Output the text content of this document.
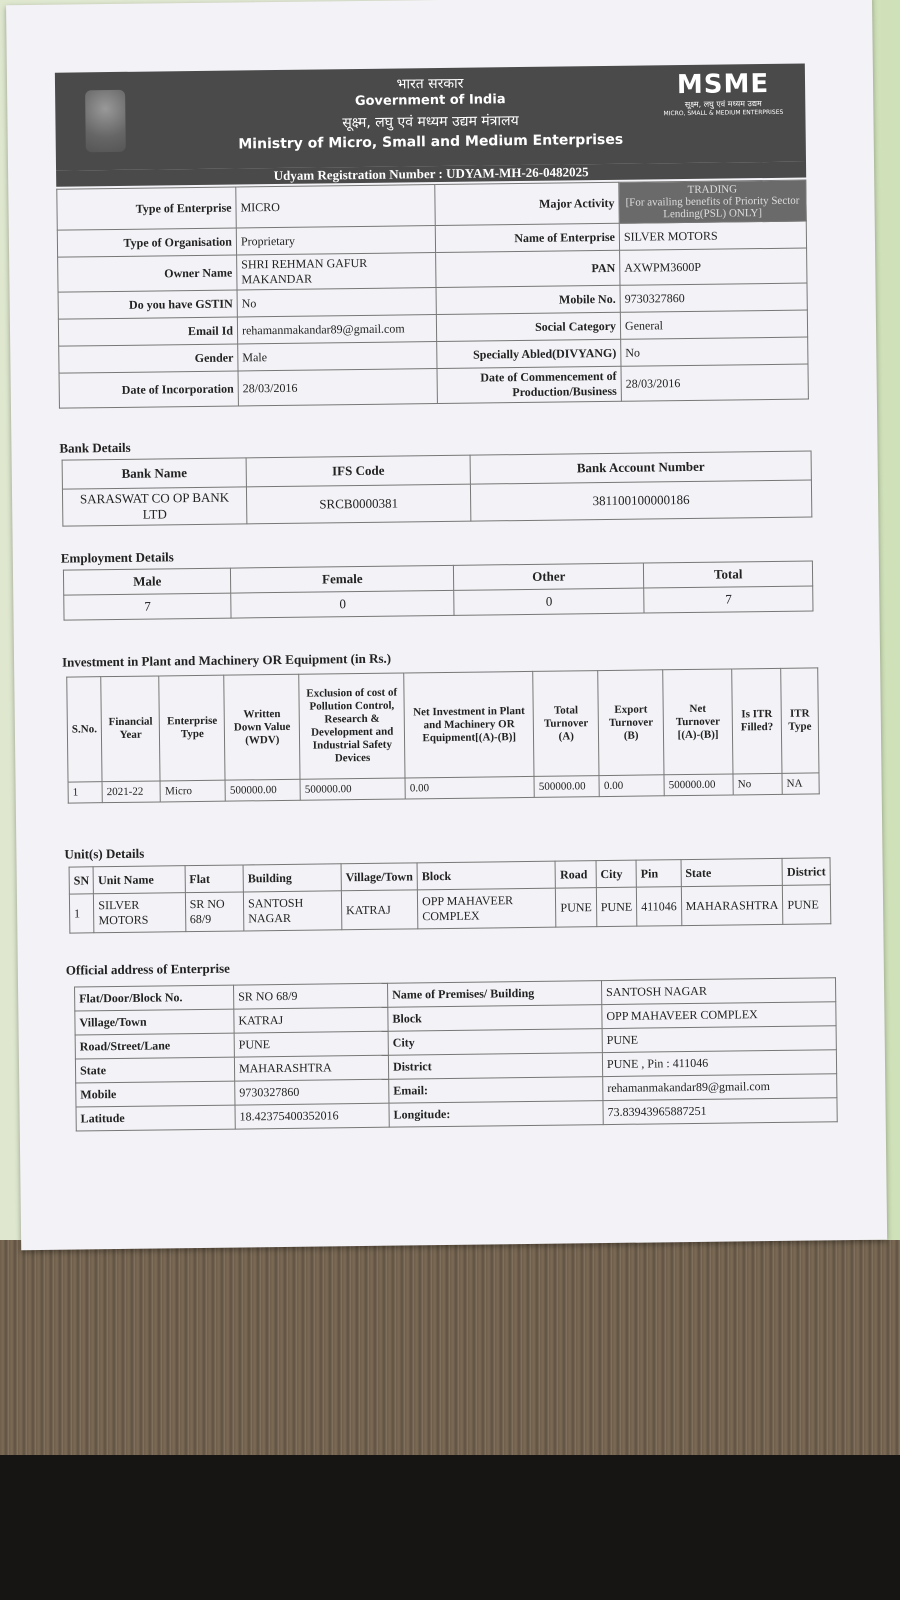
भारत सरकार
Government of India
सूक्ष्म, लघु एवं मध्यम उद्यम मंत्रालय
Ministry of Micro, Small and Medium Enterprises
MSME
सूक्ष्म, लघु एवं मध्यम उद्यम
MICRO, SMALL & MEDIUM ENTERPRISES
Udyam Registration Number : UDYAM-MH-26-0482025
Type of Enterprise	MICRO	Major Activity	TRADING
[For availing benefits of Priority Sector Lending(PSL) ONLY]

Type of Organisation	Proprietary	Name of Enterprise	SILVER MOTORS
Owner Name	SHRI REHMAN GAFUR MAKANDAR	PAN	AXWPM3600P
Do you have GSTIN	No	Mobile No.	9730327860
Email Id	rehamanmakandar89@gmail.com	Social Category	General
Gender	Male	Specially Abled(DIVYANG)	No
Date of Incorporation	28/03/2016	Date of Commencement of Production/Business	28/03/2016
Bank Details
Bank Name	IFS Code	Bank Account Number
SARASWAT CO OP BANK LTD	SRCB0000381	381100100000186
Employment Details
Male	Female	Other	Total
7	0	0	7
Investment in Plant and Machinery OR Equipment (in Rs.)
S.No.	Financial Year	Enterprise Type	Written Down Value (WDV)	Exclusion of cost of Pollution Control, Research & Development and Industrial Safety Devices	Net Investment in Plant and Machinery OR Equipment[(A)-(B)]	Total Turnover (A)	Export Turnover (B)	Net Turnover [(A)-(B)]	Is ITR Filled?	ITR Type
1	2021-22	Micro	500000.00	500000.00	0.00	500000.00	0.00	500000.00	No	NA
Unit(s) Details
SN	Unit Name	Flat	Building	Village/Town	Block	Road	City	Pin	State	District
1	SILVER MOTORS	SR NO 68/9	SANTOSH NAGAR	KATRAJ	OPP MAHAVEER COMPLEX	PUNE	PUNE	411046	MAHARASHTRA	PUNE
Official address of Enterprise
Flat/Door/Block No.	SR NO 68/9	Name of Premises/ Building	SANTOSH NAGAR
Village/Town	KATRAJ	Block	OPP MAHAVEER COMPLEX
Road/Street/Lane	PUNE	City	PUNE
State	MAHARASHTRA	District	PUNE , Pin : 411046
Mobile	9730327860	Email:	rehamanmakandar89@gmail.com
Latitude	18.42375400352016	Longitude:	73.83943965887251
